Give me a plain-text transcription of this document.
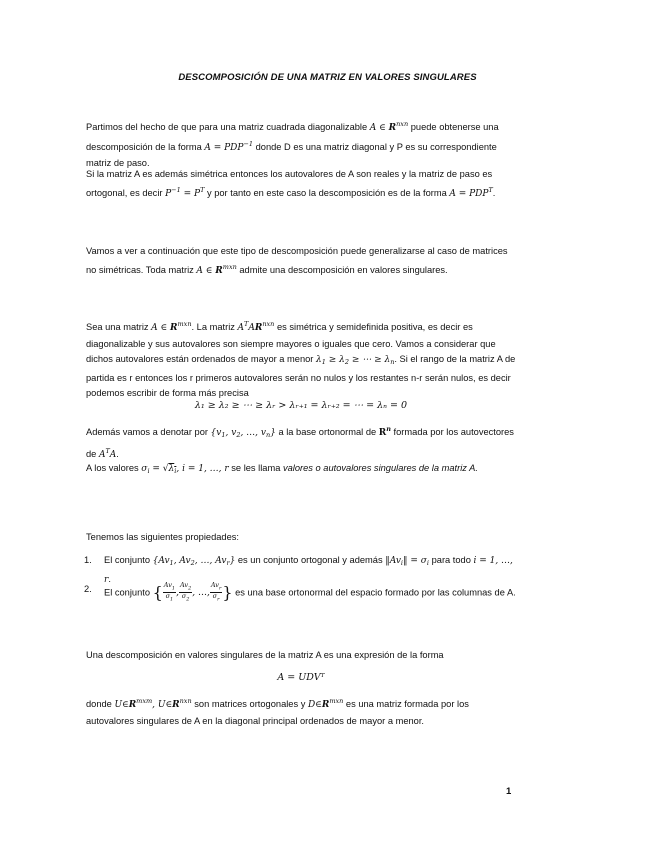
DESCOMPOSICIÓN DE UNA MATRIZ EN VALORES SINGULARES
Partimos del hecho de que para una matriz cuadrada diagonalizable A ∈ $R^{nxn}$ puede obtenerse una descomposición de la forma $A = PDP^{-1}$ donde D es una matriz diagonal y P es su correspondiente matriz de paso.
Si la matriz A es además simétrica entonces los autovalores de A son reales y la matriz de paso es ortogonal, es decir $P^{-1} = P^T$ y por tanto en este caso la descomposición es de la forma $A = PDP^T$.
Vamos a ver a continuación que este tipo de descomposición puede generalizarse al caso de matrices no simétricas. Toda matriz A ∈ $R^{mxn}$ admite una descomposición en valores singulares.
Sea una matriz A ∈ $R^{mxn}$. La matriz $A^TAR^{nxn}$ es simétrica y semidefinida positiva, es decir es diagonalizable y sus autovalores son siempre mayores o iguales que cero. Vamos a considerar que dichos autovalores están ordenados de mayor a menor $\lambda_1 \ge \lambda_2$ ≥ ⋯ ≥ $\lambda_n$. Si el rango de la matriz A de partida es r entonces los r primeros autovalores serán no nulos y los restantes n-r serán nulos, es decir podemos escribir de forma más precisa
λ₁ ≥ λ₂ ≥ ⋯ ≥ λᵣ > λᵣ₊₁ = λᵣ₊₂ = ⋯ = λₙ = 0
Además vamos a denotar por {$v_1$, $v_2$, …, $v_n$} a la base ortonormal de $R^n$ formada por los autovectores de $A^TA$.
A los valores $\sigma_i = √\lambda_i$, i = 1, …, r se les llama valores o autovalores singulares de la matriz A.
Tenemos las siguientes propiedades:
1. El conjunto {$Av_1$, $Av_2$, …, $Av_r$} es un conjunto ortogonal y además $‖Av_i‖ = \sigma_i$ para todo i = 1, …, r.
2. El conjunto { $\frac{Av_1}{\sigma_1}$ , $\frac{Av_2}{\sigma_2}$ , …, $\frac{Av_r}{\sigma_r}$ } es una base ortonormal del espacio formado por las columnas de A.
Una descomposición en valores singulares de la matriz A es una expresión de la forma
A = UDVᵀ
donde $U\in R^{mxm}$, $U\in R^{nxn}$ son matrices ortogonales y $D\in R^{mxn}$ es una matriz formada por los autovalores singulares de A en la diagonal principal ordenados de mayor a menor.
1
